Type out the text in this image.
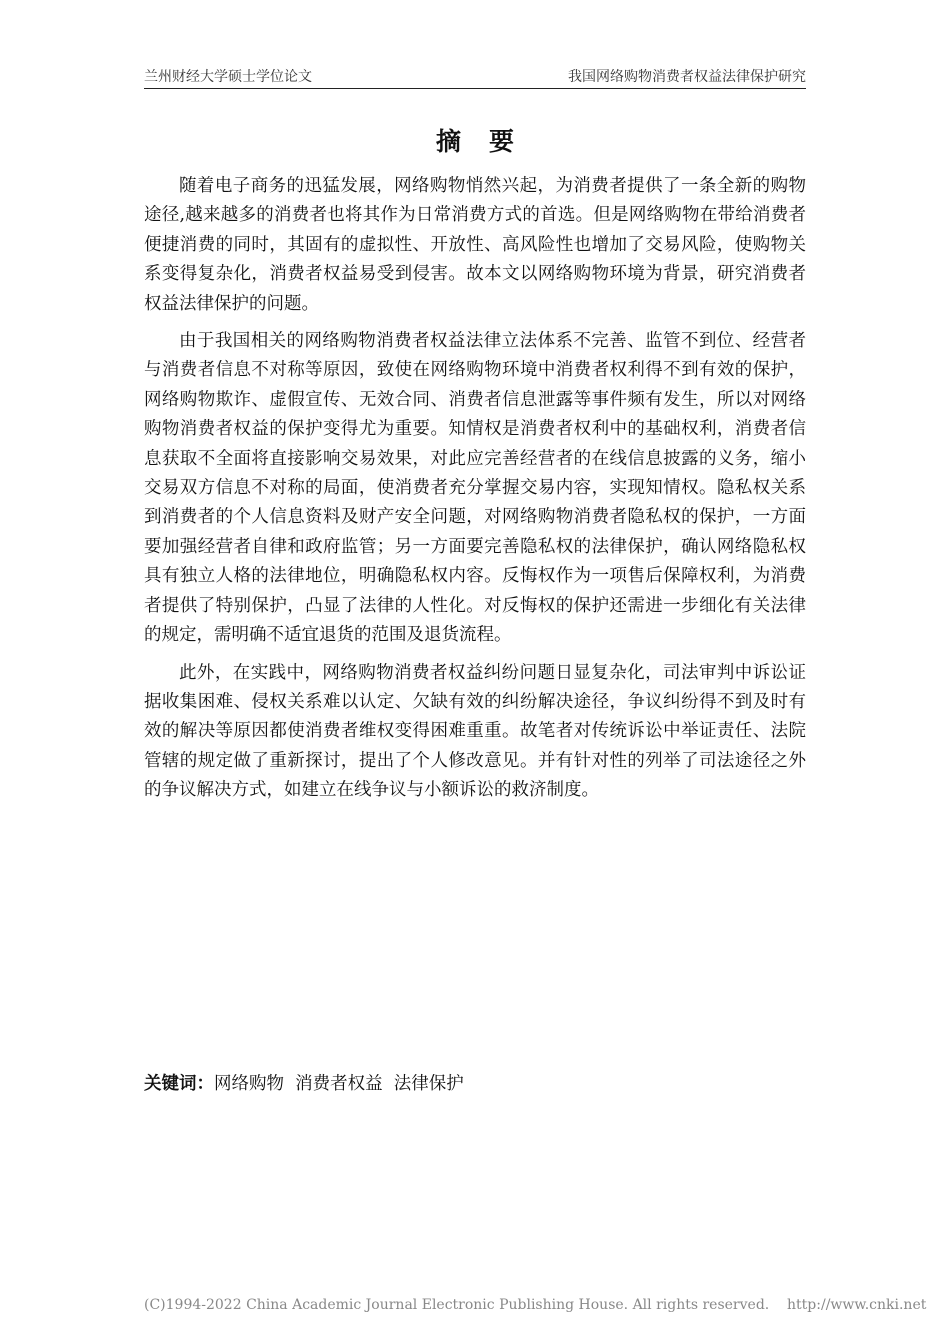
兰州财经大学硕士学位论文	我国网络购物消费者权益法律保护研究
摘要

随着电子商务的迅猛发展，网络购物悄然兴起，为消费者提供了一条全新的购物途径,越来越多的消费者也将其作为日常消费方式的首选。但是网络购物在带给消费者便捷消费的同时，其固有的虚拟性、开放性、高风险性也增加了交易风险，使购物关系变得复杂化，消费者权益易受到侵害。故本文以网络购物环境为背景，研究消费者权益法律保护的问题。

由于我国相关的网络购物消费者权益法律立法体系不完善、监管不到位、经营者与消费者信息不对称等原因，致使在网络购物环境中消费者权利得不到有效的保护，网络购物欺诈、虚假宣传、无效合同、消费者信息泄露等事件频有发生，所以对网络购物消费者权益的保护变得尤为重要。知情权是消费者权利中的基础权利，消费者信息获取不全面将直接影响交易效果，对此应完善经营者的在线信息披露的义务，缩小交易双方信息不对称的局面，使消费者充分掌握交易内容，实现知情权。隐私权关系到消费者的个人信息资料及财产安全问题，对网络购物消费者隐私权的保护，一方面要加强经营者自律和政府监管；另一方面要完善隐私权的法律保护，确认网络隐私权具有独立人格的法律地位，明确隐私权内容。反悔权作为一项售后保障权利，为消费者提供了特别保护，凸显了法律的人性化。对反悔权的保护还需进一步细化有关法律的规定，需明确不适宜退货的范围及退货流程。

此外，在实践中，网络购物消费者权益纠纷问题日显复杂化，司法审判中诉讼证据收集困难、侵权关系难以认定、欠缺有效的纠纷解决途径，争议纠纷得不到及时有效的解决等原因都使消费者维权变得困难重重。故笔者对传统诉讼中举证责任、法院管辖的规定做了重新探讨，提出了个人修改意见。并有针对性的列举了司法途径之外的争议解决方式，如建立在线争议与小额诉讼的救济制度。

关键词：网络购物  消费者权益  法律保护
(C)1994-2022 China Academic Journal Electronic Publishing House. All rights reserved.    http://www.cnki.net
